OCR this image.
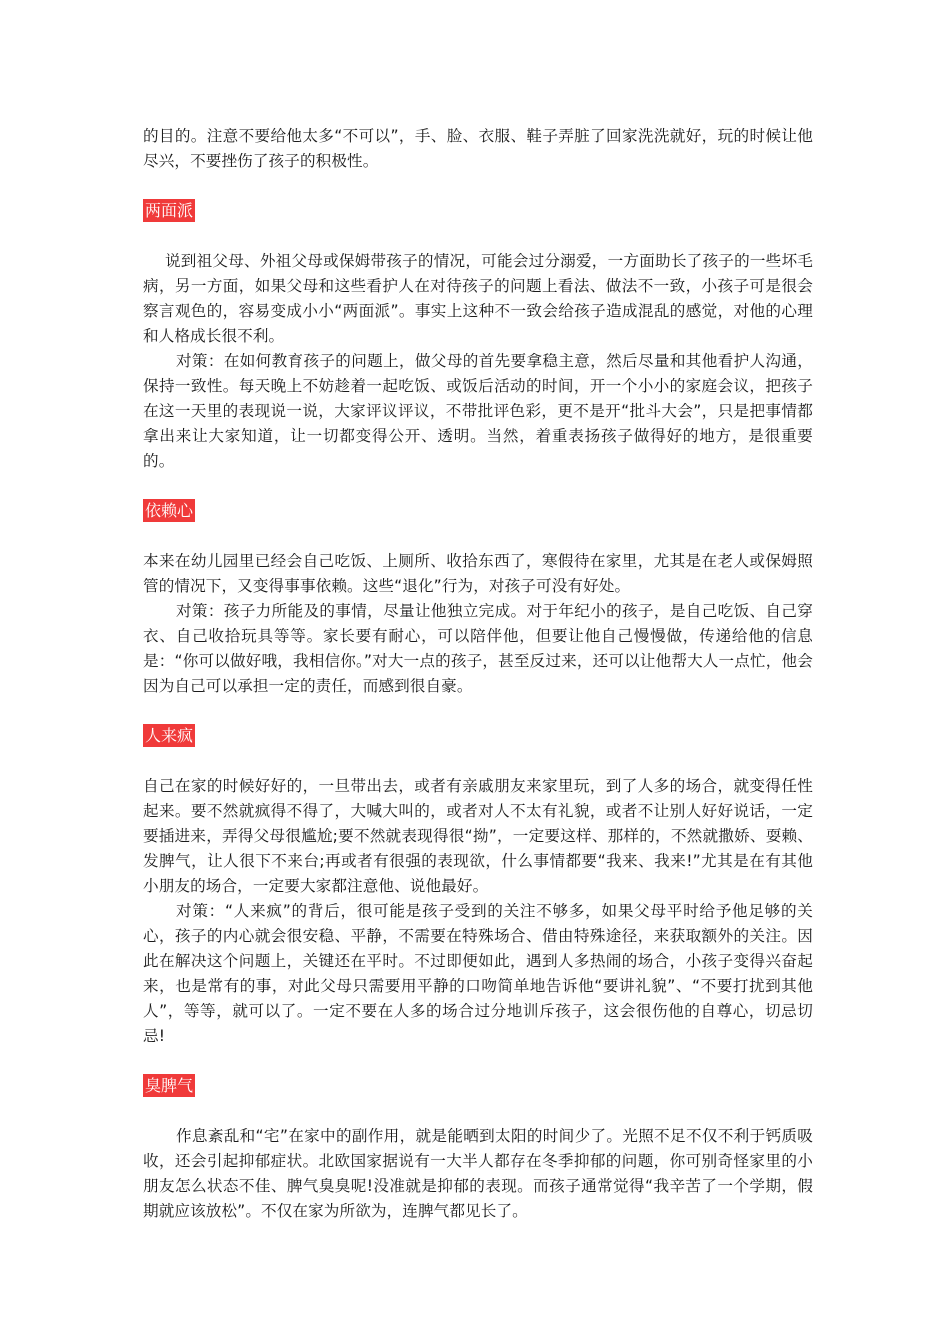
的目的。注意不要给他太多“不可以”，手、脸、衣服、鞋子弄脏了回家洗洗就好，玩的时候让他尽兴，不要挫伤了孩子的积极性。

两面派

说到祖父母、外祖父母或保姆带孩子的情况，可能会过分溺爱，一方面助长了孩子的一些坏毛病，另一方面，如果父母和这些看护人在对待孩子的问题上看法、做法不一致，小孩子可是很会察言观色的，容易变成小小“两面派”。事实上这种不一致会给孩子造成混乱的感觉，对他的心理和人格成长很不利。

对策：在如何教育孩子的问题上，做父母的首先要拿稳主意，然后尽量和其他看护人沟通，保持一致性。每天晚上不妨趁着一起吃饭、或饭后活动的时间，开一个小小的家庭会议，把孩子在这一天里的表现说一说，大家评议评议，不带批评色彩，更不是开“批斗大会”，只是把事情都拿出来让大家知道，让一切都变得公开、透明。当然，着重表扬孩子做得好的地方，是很重要的。

依赖心

本来在幼儿园里已经会自己吃饭、上厕所、收拾东西了，寒假待在家里，尤其是在老人或保姆照管的情况下，又变得事事依赖。这些“退化”行为，对孩子可没有好处。

对策：孩子力所能及的事情，尽量让他独立完成。对于年纪小的孩子，是自己吃饭、自己穿衣、自己收拾玩具等等。家长要有耐心，可以陪伴他，但要让他自己慢慢做，传递给他的信息是：“你可以做好哦，我相信你。”对大一点的孩子，甚至反过来，还可以让他帮大人一点忙，他会因为自己可以承担一定的责任，而感到很自豪。

人来疯

自己在家的时候好好的，一旦带出去，或者有亲戚朋友来家里玩，到了人多的场合，就变得任性起来。要不然就疯得不得了，大喊大叫的，或者对人不太有礼貌，或者不让别人好好说话，一定要插进来，弄得父母很尴尬;要不然就表现得很“拗”，一定要这样、那样的，不然就撒娇、耍赖、发脾气，让人很下不来台;再或者有很强的表现欲，什么事情都要“我来、我来!”尤其是在有其他小朋友的场合，一定要大家都注意他、说他最好。

对策：“人来疯”的背后，很可能是孩子受到的关注不够多，如果父母平时给予他足够的关心，孩子的内心就会很安稳、平静，不需要在特殊场合、借由特殊途径，来获取额外的关注。因此在解决这个问题上，关键还在平时。不过即便如此，遇到人多热闹的场合，小孩子变得兴奋起来，也是常有的事，对此父母只需要用平静的口吻简单地告诉他“要讲礼貌”、“不要打扰到其他人”，等等，就可以了。一定不要在人多的场合过分地训斥孩子，这会很伤他的自尊心，切忌切忌!

臭脾气

作息紊乱和“宅”在家中的副作用，就是能晒到太阳的时间少了。光照不足不仅不利于钙质吸收，还会引起抑郁症状。北欧国家据说有一大半人都存在冬季抑郁的问题，你可别奇怪家里的小朋友怎么状态不佳、脾气臭臭呢!没准就是抑郁的表现。而孩子通常觉得“我辛苦了一个学期，假期就应该放松”。不仅在家为所欲为，连脾气都见长了。
